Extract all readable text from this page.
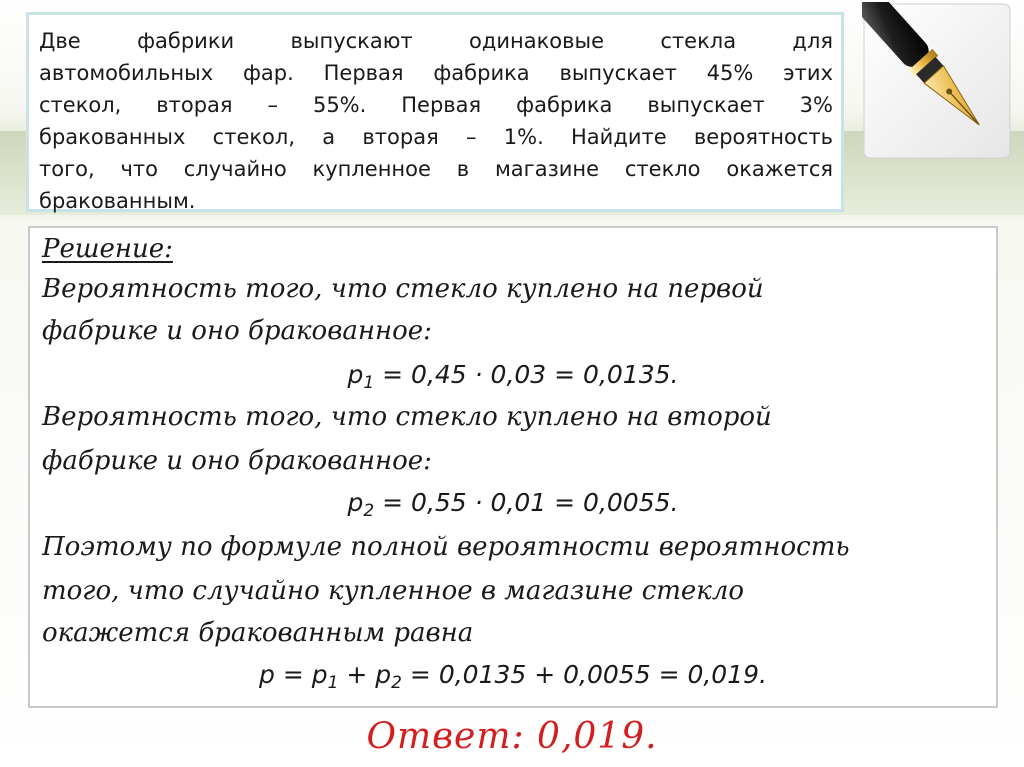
Две фабрики выпускают одинаковые стекла для

автомобильных фар. Первая фабрика выпускает 45% этих

стекол, вторая – 55%. Первая фабрика выпускает 3%

бракованных стекол, а вторая – 1%. Найдите вероятность

того, что случайно купленное в магазине стекло окажется

бракованным.

Решение:

Вероятность того, что стекло куплено на первой

фабрике и оно бракованное:

$p_1 = 0,45 \cdot 0,03 = 0,0135$.

Вероятность того, что стекло куплено на второй

фабрике и оно бракованное:

$p_2 = 0,55 \cdot 0,01 = 0,0055$.

Поэтому по формуле полной вероятности вероятность

того, что случайно купленное в магазине стекло

окажется бракованным равна

$p = p_1 + p_2 = 0,0135 + 0,0055 = 0,019$.

Ответ: 0,019.
